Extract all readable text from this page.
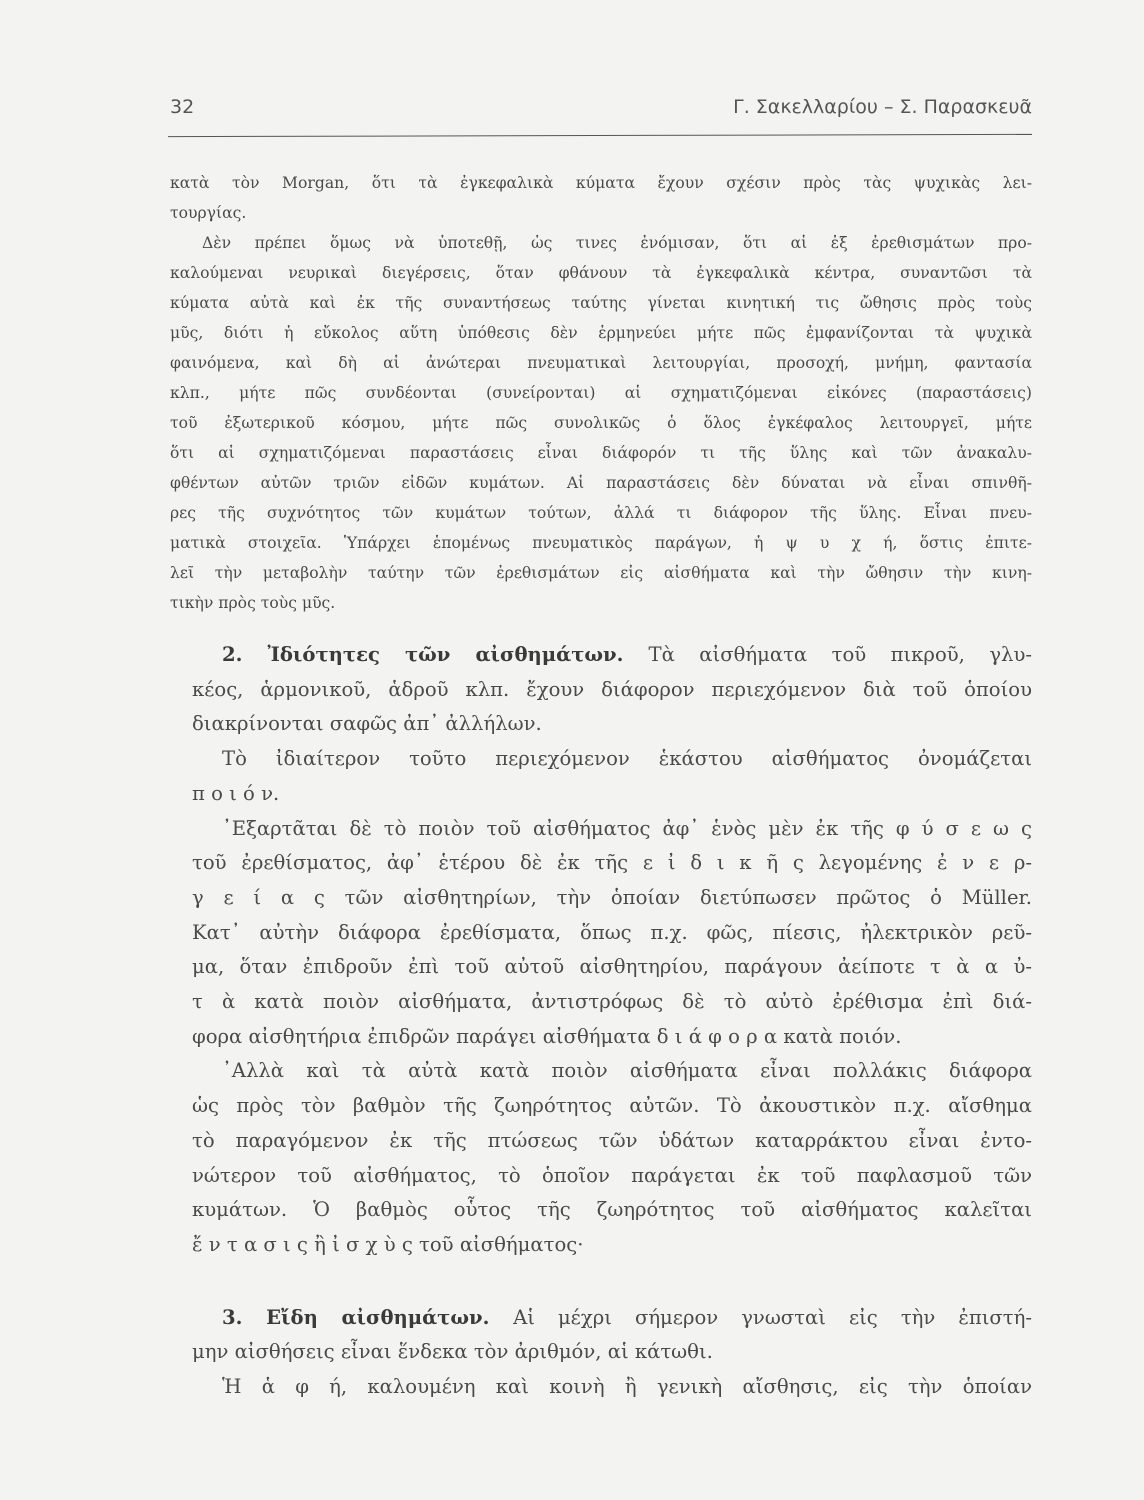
32	Γ. Σακελλαρίου – Σ. Παρασκευᾶ
κατὰ τὸν Morgan, ὅτι τὰ ἐγκεφαλικὰ κύματα ἔχουν σχέσιν πρὸς τὰς ψυχικὰς λει-
τουργίας.
Δὲν πρέπει ὅμως νὰ ὑποτεθῇ, ὡς τινες ἐνόμισαν, ὅτι αἱ ἐξ ἐρεθισμάτων προ-
καλούμεναι νευρικαὶ διεγέρσεις, ὅταν φθάνουν τὰ ἐγκεφαλικὰ κέντρα, συναντῶσι τὰ
κύματα αὐτὰ καὶ ἐκ τῆς συναντήσεως ταύτης γίνεται κινητική τις ὤθησις πρὸς τοὺς
μῦς, διότι ἡ εὔκολος αὕτη ὑπόθεσις δὲν ἑρμηνεύει μήτε πῶς ἐμφανίζονται τὰ ψυχικὰ
φαινόμενα, καὶ δὴ αἱ ἀνώτεραι πνευματικαὶ λειτουργίαι, προσοχή, μνήμη, φαντασία
κλπ., μήτε πῶς συνδέονται (συνείρονται) αἱ σχηματιζόμεναι εἰκόνες (παραστάσεις)
τοῦ ἐξωτερικοῦ κόσμου, μήτε πῶς συνολικῶς ὁ ὅλος ἐγκέφαλος λειτουργεῖ, μήτε
ὅτι αἱ σχηματιζόμεναι παραστάσεις εἶναι διάφορόν τι τῆς ὕλης καὶ τῶν ἀνακαλυ-
φθέντων αὐτῶν τριῶν εἰδῶν κυμάτων. Αἱ παραστάσεις δὲν δύναται νὰ εἶναι σπινθῆ-
ρες τῆς συχνότητος τῶν κυμάτων τούτων, ἀλλά τι διάφορον τῆς ὕλης. Εἶναι πνευ-
ματικὰ στοιχεῖα. Ὑπάρχει ἑπομένως πνευματικὸς παράγων, ἡ ψ υ χ ή, ὅστις ἐπιτε-
λεῖ τὴν μεταβολὴν ταύτην τῶν ἐρεθισμάτων εἰς αἰσθήματα καὶ τὴν ὤθησιν τὴν κινη-
τικὴν πρὸς τοὺς μῦς.
2. Ἰδιότητες τῶν αἰσθημάτων. Τὰ αἰσθήματα τοῦ πικροῦ, γλυ-
κέος, ἁρμονικοῦ, ἁδροῦ κλπ. ἔχουν διάφορον περιεχόμενον διὰ τοῦ ὁποίου
διακρίνονται σαφῶς ἀπ᾿ ἀλλήλων.
Τὸ ἰδιαίτερον τοῦτο περιεχόμενον ἑκάστου αἰσθήματος ὀνομάζεται
π ο ι ό ν.
᾿Εξαρτᾶται δὲ τὸ ποιὸν τοῦ αἰσθήματος ἀφ᾿ ἑνὸς μὲν ἐκ τῆς φ ύ σ ε ω ς
τοῦ ἐρεθίσματος, ἀφ᾿ ἑτέρου δὲ ἐκ τῆς ε ἰ δ ι κ ῆ ς λεγομένης ἐ ν ε ρ-
γ ε ί α ς τῶν αἰσθητηρίων, τὴν ὁποίαν διετύπωσεν πρῶτος ὁ Müller.
Κατ᾿ αὐτὴν διάφορα ἐρεθίσματα, ὅπως π.χ. φῶς, πίεσις, ἠλεκτρικὸν ρεῦ-
μα, ὅταν ἐπιδροῦν ἐπὶ τοῦ αὐτοῦ αἰσθητηρίου, παράγουν ἀείποτε τ ὰ α ὐ-
τ ὰ κατὰ ποιὸν αἰσθήματα, ἀντιστρόφως δὲ τὸ αὐτὸ ἐρέθισμα ἐπὶ διά-
φορα αἰσθητήρια ἐπιδρῶν παράγει αἰσθήματα δ ι ά φ ο ρ α κατὰ ποιόν.
᾿Αλλὰ καὶ τὰ αὐτὰ κατὰ ποιὸν αἰσθήματα εἶναι πολλάκις διάφορα
ὡς πρὸς τὸν βαθμὸν τῆς ζωηρότητος αὐτῶν. Τὸ ἀκουστικὸν π.χ. αἴσθημα
τὸ παραγόμενον ἐκ τῆς πτώσεως τῶν ὑδάτων καταρράκτου εἶναι ἐντο-
νώτερον τοῦ αἰσθήματος, τὸ ὁποῖον παράγεται ἐκ τοῦ παφλασμοῦ τῶν
κυμάτων. Ὁ βαθμὸς οὗτος τῆς ζωηρότητος τοῦ αἰσθήματος καλεῖται
ἔ ν τ α σ ι ς ἢ ἰ σ χ ὺ ς τοῦ αἰσθήματος·
3. Εἴδη αἰσθημάτων. Αἱ μέχρι σήμερον γνωσταὶ εἰς τὴν ἐπιστή-
μην αἰσθήσεις εἶναι ἕνδεκα τὸν ἀριθμόν, αἱ κάτωθι.
Ἡ ἁ φ ή, καλουμένη καὶ κοινὴ ἢ γενικὴ αἴσθησις, εἰς τὴν ὁποίαν
